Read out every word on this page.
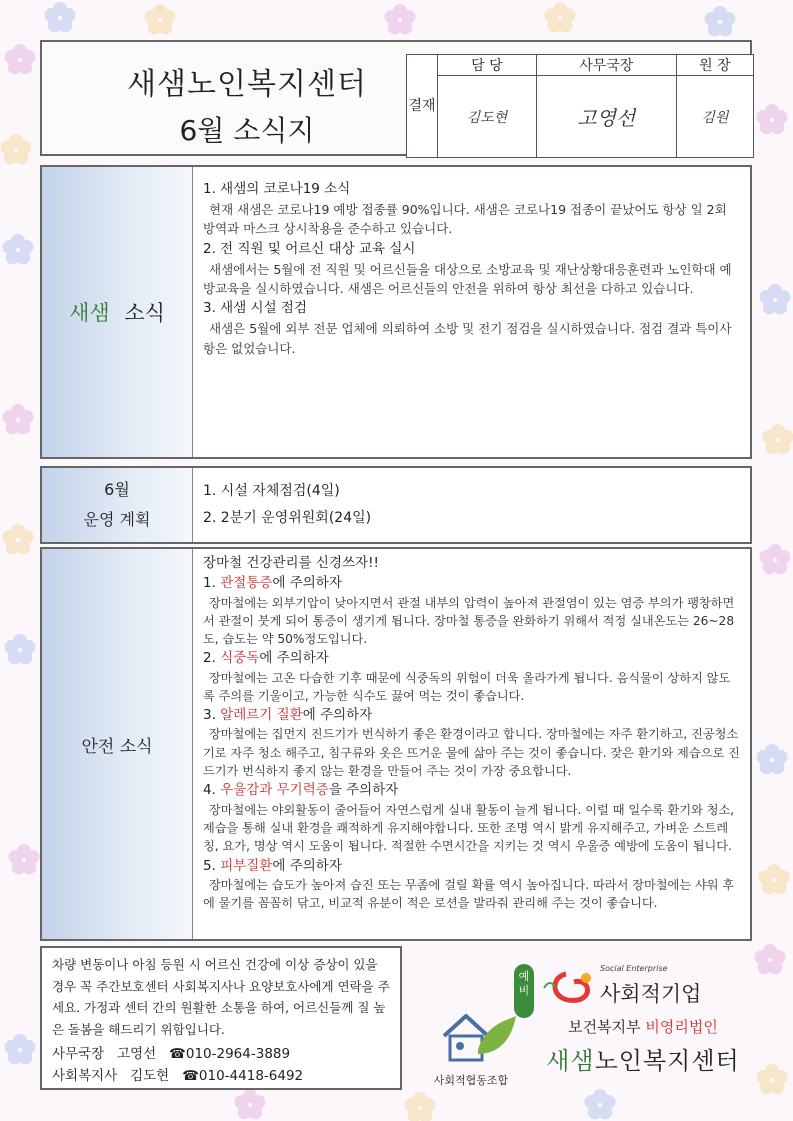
새샘노인복지센터
6월 소식지
결재	담 당	사무국장	원 장
	김도현	고영선	김원
새샘 소식

1. 새샘의 코로나19 소식

현재 새샘은 코로나19 예방 접종률 90%입니다. 새샘은 코로나19 접종이 끝났어도 항상 일 2회 방역과 마스크 상시착용을 준수하고 있습니다.

2. 전 직원 및 어르신 대상 교육 실시

새샘에서는 5월에 전 직원 및 어르신들을 대상으로 소방교육 및 재난상황대응훈련과 노인학대 예방교육을 실시하였습니다. 새샘은 어르신들의 안전을 위하여 항상 최선을 다하고 있습니다.

3. 새샘 시설 점검

새샘은 5월에 외부 전문 업체에 의뢰하여 소방 및 전기 점검을 실시하였습니다. 점검 결과 특이사항은 없었습니다.

6월
운영 계획

1. 시설 자체점검(4일)

2. 2분기 운영위원회(24일)

안전 소식

장마철 건강관리를 신경쓰자!!

1. 관절통증에 주의하자

장마철에는 외부기압이 낮아지면서 관절 내부의 압력이 높아져 관절염이 있는 염증 부의가 팽창하면서 관절이 붓게 되어 통증이 생기게 됩니다. 장마철 통증을 완화하기 위해서 적정 실내온도는 26~28도, 습도는 약 50%정도입니다.

2. 식중독에 주의하자

장마철에는 고온 다습한 기후 때문에 식중독의 위험이 더욱 올라가게 됩니다. 음식물이 상하지 않도록 주의를 기울이고, 가능한 식수도 끓여 먹는 것이 좋습니다.

3. 알레르기 질환에 주의하자

장마철에는 집먼지 진드기가 번식하기 좋은 환경이라고 합니다. 장마철에는 자주 환기하고, 진공청소기로 자주 청소 해주고, 침구류와 옷은 뜨거운 물에 삶아 주는 것이 좋습니다. 잦은 환기와 제습으로 진드기가 번식하지 좋지 않는 환경을 만들어 주는 것이 가장 중요합니다.

4. 우울감과 무기력증을 주의하자

장마철에는 야외활동이 줄어들어 자연스럽게 실내 활동이 늘게 됩니다. 이럴 때 일수록 환기와 청소, 제습을 통해 실내 환경을 쾌적하게 유지해야합니다. 또한 조명 역시 밝게 유지해주고, 가벼운 스트레칭, 요가, 명상 역시 도움이 됩니다. 적절한 수면시간을 지키는 것 역시 우울증 예방에 도움이 됩니다.

5. 피부질환에 주의하자

장마철에는 습도가 높아져 습진 또는 무좀에 걸릴 확률 역시 높아집니다. 따라서 장마철에는 샤워 후에 물기를 꼼꼼히 닦고, 비교적 유분이 적은 로션을 발라줘 관리해 주는 것이 좋습니다.

차량 변동이나 아침 등원 시 어르신 건강에 이상 증상이 있을 경우 꼭 주간보호센터 사회복지사나 요양보호사에게 연락을 주세요. 가정과 센터 간의 원활한 소통을 하여, 어르신들께 질 높은 돌봄을 해드리기 위함입니다.

사무국장 고영선 ☎010-2964-3889

사회복지사 김도현 ☎010-4418-6492

예비
Social Enterprise
사회적기업
사회적협동조합
보건복지부 비영리법인
새샘노인복지센터
